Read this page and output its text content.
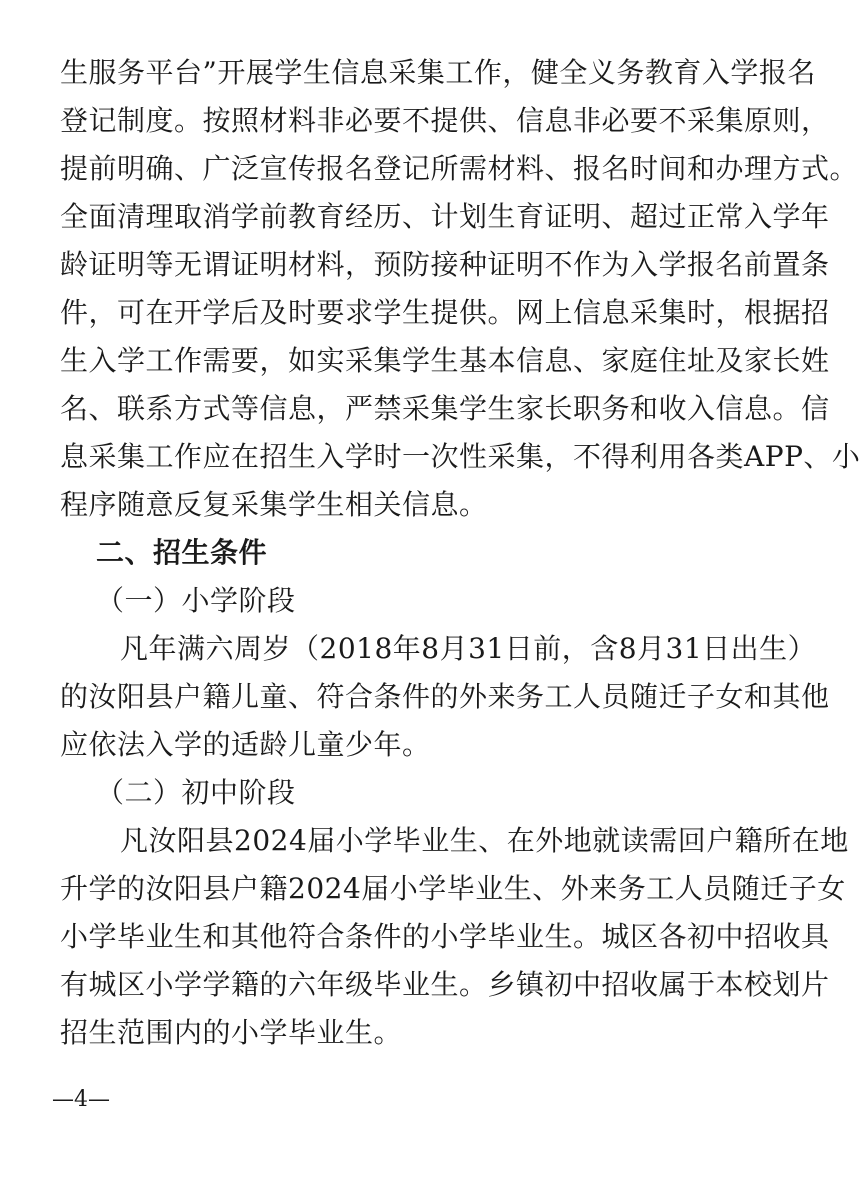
生服务平台”开展学生信息采集工作，健全义务教育入学报名
登记制度。按照材料非必要不提供、信息非必要不采集原则，
提前明确、广泛宣传报名登记所需材料、报名时间和办理方式。
全面清理取消学前教育经历、计划生育证明、超过正常入学年
龄证明等无谓证明材料，预防接种证明不作为入学报名前置条
件，可在开学后及时要求学生提供。网上信息采集时，根据招
生入学工作需要，如实采集学生基本信息、家庭住址及家长姓
名、联系方式等信息，严禁采集学生家长职务和收入信息。信
息采集工作应在招生入学时一次性采集，不得利用各类APP、小
程序随意反复采集学生相关信息。
二、招生条件
（一）小学阶段
凡年满六周岁（2018年8月31日前，含8月31日出生）
的汝阳县户籍儿童、符合条件的外来务工人员随迁子女和其他
应依法入学的适龄儿童少年。
（二）初中阶段
凡汝阳县2024届小学毕业生、在外地就读需回户籍所在地
升学的汝阳县户籍2024届小学毕业生、外来务工人员随迁子女
小学毕业生和其他符合条件的小学毕业生。城区各初中招收具
有城区小学学籍的六年级毕业生。乡镇初中招收属于本校划片
招生范围内的小学毕业生。
—4—
